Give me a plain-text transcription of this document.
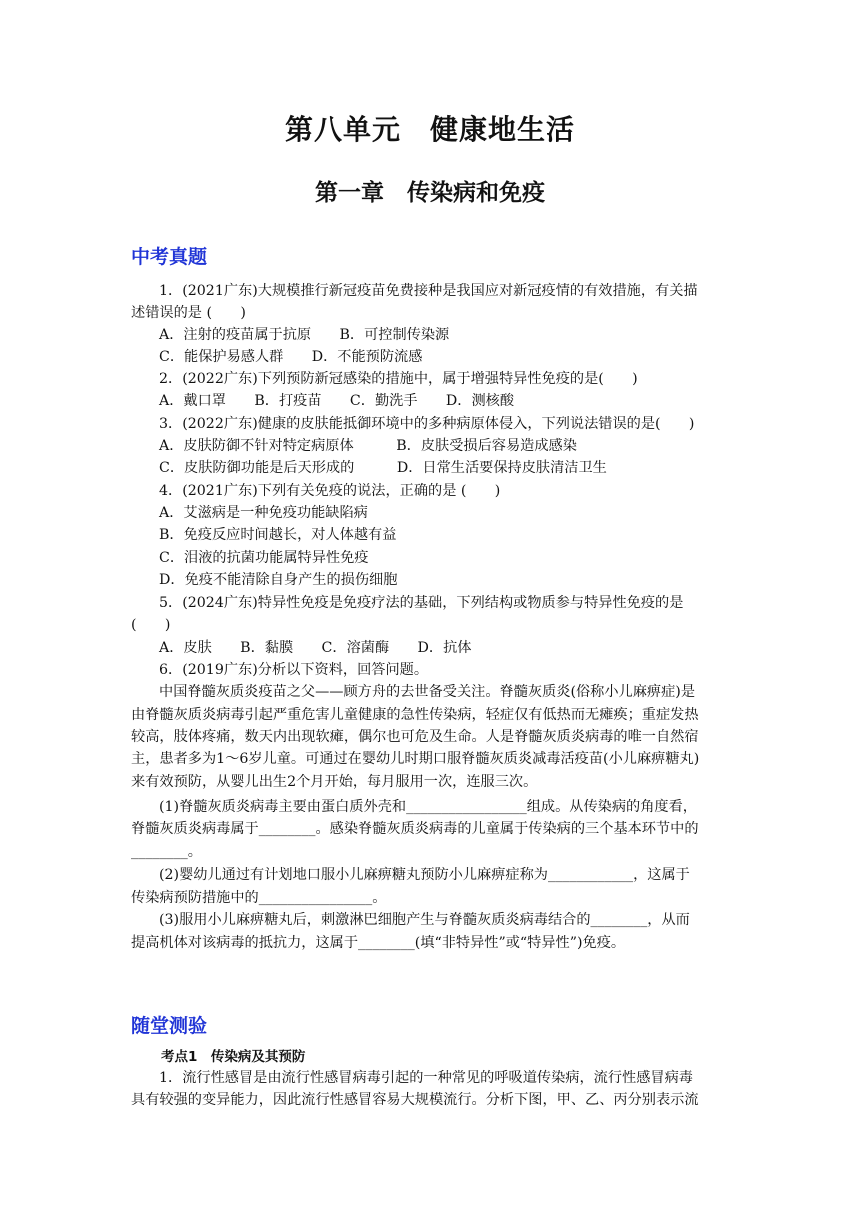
第八单元　健康地生活
第一章　传染病和免疫
中考真题
1．(2021广东)大规模推行新冠疫苗免费接种是我国应对新冠疫情的有效措施，有关描
述错误的是 (　　)
A．注射的疫苗属于抗原　　B．可控制传染源
C．能保护易感人群　　D．不能预防流感
2．(2022广东)下列预防新冠感染的措施中，属于增强特异性免疫的是(　　)
A．戴口罩　　B．打疫苗　　C．勤洗手　　D．测核酸
3．(2022广东)健康的皮肤能抵御环境中的多种病原体侵入，下列说法错误的是(　　)
A．皮肤防御不针对特定病原体　　　B．皮肤受损后容易造成感染
C．皮肤防御功能是后天形成的　　　D．日常生活要保持皮肤清洁卫生
4．(2021广东)下列有关免疫的说法，正确的是 (　　)
A．艾滋病是一种免疫功能缺陷病
B．免疫反应时间越长，对人体越有益
C．泪液的抗菌功能属特异性免疫
D．免疫不能清除自身产生的损伤细胞
5．(2024广东)特异性免疫是免疫疗法的基础，下列结构或物质参与特异性免疫的是
(　　)
A．皮肤　　B．黏膜　　C．溶菌酶　　D．抗体
6．(2019广东)分析以下资料，回答问题。
中国脊髓灰质炎疫苗之父——顾方舟的去世备受关注。脊髓灰质炎(俗称小儿麻痹症)是
由脊髓灰质炎病毒引起严重危害儿童健康的急性传染病，轻症仅有低热而无瘫痪；重症发热
较高，肢体疼痛，数天内出现软瘫，偶尔也可危及生命。人是脊髓灰质炎病毒的唯一自然宿
主，患者多为1～6岁儿童。可通过在婴幼儿时期口服脊髓灰质炎减毒活疫苗(小儿麻痹糖丸)
来有效预防，从婴儿出生2个月开始，每月服用一次，连服三次。
(1)脊髓灰质炎病毒主要由蛋白质外壳和_________________组成。从传染病的角度看，
脊髓灰质炎病毒属于________。感染脊髓灰质炎病毒的儿童属于传染病的三个基本环节中的
________。
(2)婴幼儿通过有计划地口服小儿麻痹糖丸预防小儿麻痹症称为____________，这属于
传染病预防措施中的________________。
(3)服用小儿麻痹糖丸后，刺激淋巴细胞产生与脊髓灰质炎病毒结合的________，从而
提高机体对该病毒的抵抗力，这属于________(填“非特异性”或“特异性”)免疫。
随堂测验
考点1　传染病及其预防
1．流行性感冒是由流行性感冒病毒引起的一种常见的呼吸道传染病，流行性感冒病毒
具有较强的变异能力，因此流行性感冒容易大规模流行。分析下图，甲、乙、丙分别表示流
